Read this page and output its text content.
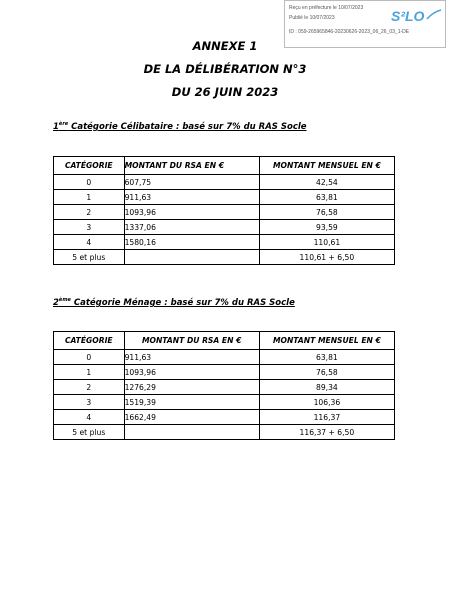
Reçu en préfecture le 10/07/2023
Publié le 10/07/2023
ID : 059-265965846-20230626-2023_06_26_03_1-DE
S²LO
ANNEXE 1
DE LA DÉLIBÉRATION N°3
DU 26 JUIN 2023
1ère Catégorie Célibataire : basé sur 7% du RAS Socle
CATÉGORIE	MONTANT DU RSA EN €	MONTANT MENSUEL EN €
0	607,75	42,54
1	911,63	63,81
2	1093,96	76,58
3	1337,06	93,59
4	1580,16	110,61
5 et plus		110,61 + 6,50
2ème Catégorie Ménage : basé sur 7% du RAS Socle
CATÉGORIE	MONTANT DU RSA EN €	MONTANT MENSUEL EN €
0	911,63	63,81
1	1093,96	76,58
2	1276,29	89,34
3	1519,39	106,36
4	1662,49	116,37
5 et plus		116,37 + 6,50
